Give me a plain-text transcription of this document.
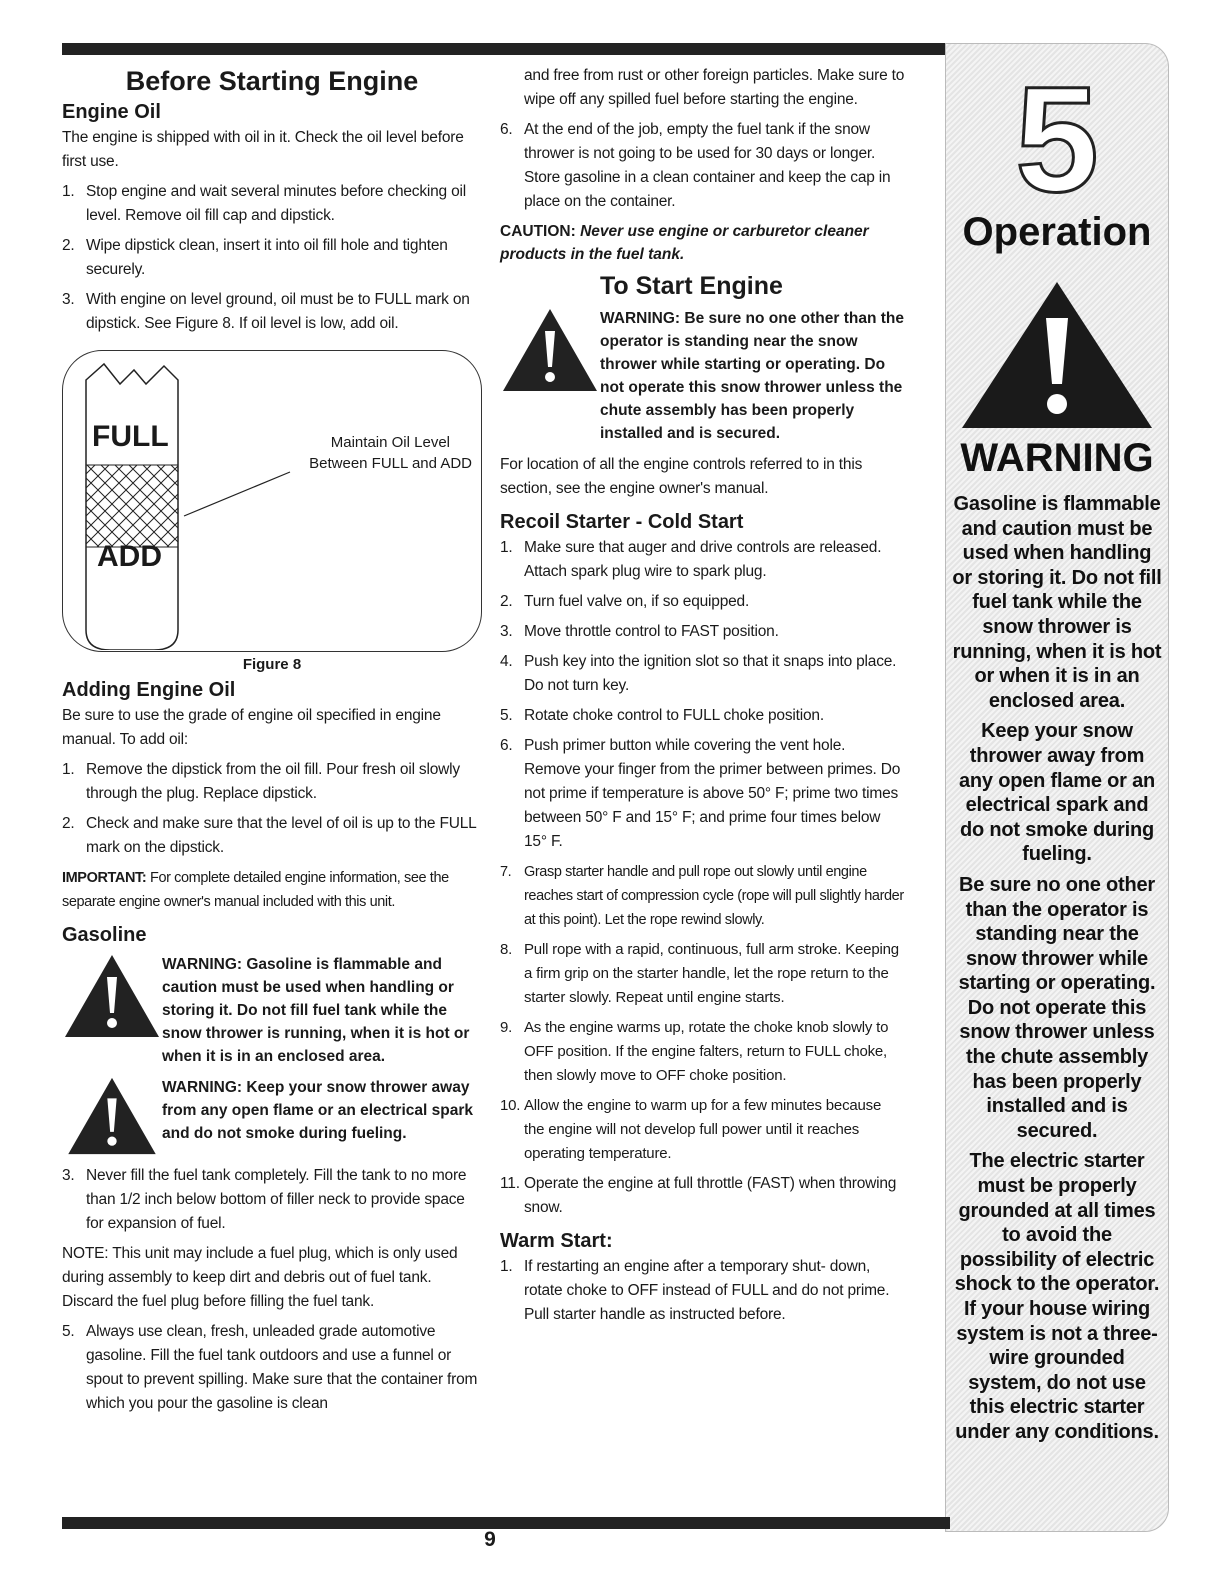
Before Starting Engine
Engine Oil

The engine is shipped with oil in it. Check the oil level before first use.

1. Stop engine and wait several minutes before checking oil level. Remove oil fill cap and dipstick.
2. Wipe dipstick clean, insert it into oil fill hole and tighten securely.
3. With engine on level ground, oil must be to FULL mark on dipstick. See Figure 8. If oil level is low, add oil.
FULL
ADD
Maintain Oil Level
Between FULL and ADD
Figure 8
Adding Engine Oil

Be sure to use the grade of engine oil specified in engine manual. To add oil:

1. Remove the dipstick from the oil fill. Pour fresh oil slowly through the plug. Replace dipstick.
2. Check and make sure that the level of oil is up to the FULL mark on the dipstick.

IMPORTANT: For complete detailed engine information, see the separate engine owner's manual included with this unit.

Gasoline
WARNING: Gasoline is flammable and caution must be used when handling or storing it. Do not fill fuel tank while the snow thrower is running, when it is hot or when it is in an enclosed area.
WARNING: Keep your snow thrower away from any open flame or an electrical spark and do not smoke during fueling.
3. Never fill the fuel tank completely. Fill the tank to no more than 1/2 inch below bottom of filler neck to provide space for expansion of fuel.

NOTE: This unit may include a fuel plug, which is only used during assembly to keep dirt and debris out of fuel tank. Discard the fuel plug before filling the fuel tank.

5. Always use clean, fresh, unleaded grade automotive gasoline. Fill the fuel tank outdoors and use a funnel or spout to prevent spilling. Make sure that the container from which you pour the gasoline is clean
and free from rust or other foreign particles. Make sure to wipe off any spilled fuel before starting the engine.
6. At the end of the job, empty the fuel tank if the snow thrower is not going to be used for 30 days or longer. Store gasoline in a clean container and keep the cap in place on the container.
CAUTION: Never use engine or carburetor cleaner products in the fuel tank.
To Start Engine
WARNING: Be sure no one other than the operator is standing near the snow thrower while starting or operating. Do not operate this snow thrower unless the chute assembly has been properly installed and is secured.

For location of all the engine controls referred to in this section, see the engine owner's manual.

Recoil Starter - Cold Start
1. Make sure that auger and drive controls are released. Attach spark plug wire to spark plug.
2. Turn fuel valve on, if so equipped.
3. Move throttle control to FAST position.
4. Push key into the ignition slot so that it snaps into place. Do not turn key.
5. Rotate choke control to FULL choke position.
6. Push primer button while covering the vent hole. Remove your finger from the primer between primes. Do not prime if temperature is above 50° F; prime two times between 50° F and 15° F; and prime four times below 15° F.
7. Grasp starter handle and pull rope out slowly until engine reaches start of compression cycle (rope will pull slightly harder at this point). Let the rope rewind slowly.
8. Pull rope with a rapid, continuous, full arm stroke. Keeping a firm grip on the starter handle, let the rope return to the starter slowly. Repeat until engine starts.
9. As the engine warms up, rotate the choke knob slowly to OFF position. If the engine falters, return to FULL choke, then slowly move to OFF choke position.
10. Allow the engine to warm up for a few minutes because the engine will not develop full power until it reaches operating temperature.
11. Operate the engine at full throttle (FAST) when throwing snow.
Warm Start:
1. If restarting an engine after a temporary shut- down, rotate choke to OFF instead of FULL and do not prime. Pull starter handle as instructed before.
5
Operation
WARNING

Gasoline is flammable and caution must be used when handling or storing it. Do not fill fuel tank while the snow thrower is running, when it is hot or when it is in an enclosed area.

Keep your snow thrower away from any open flame or an electrical spark and do not smoke during fueling.

Be sure no one other than the operator is standing near the snow thrower while starting or operating. Do not operate this snow thrower unless the chute assembly has been properly installed and is secured.

The electric starter must be properly grounded at all times to avoid the possibility of electric shock to the operator. If your house wiring system is not a three-wire grounded system, do not use this electric starter under any conditions.

9
